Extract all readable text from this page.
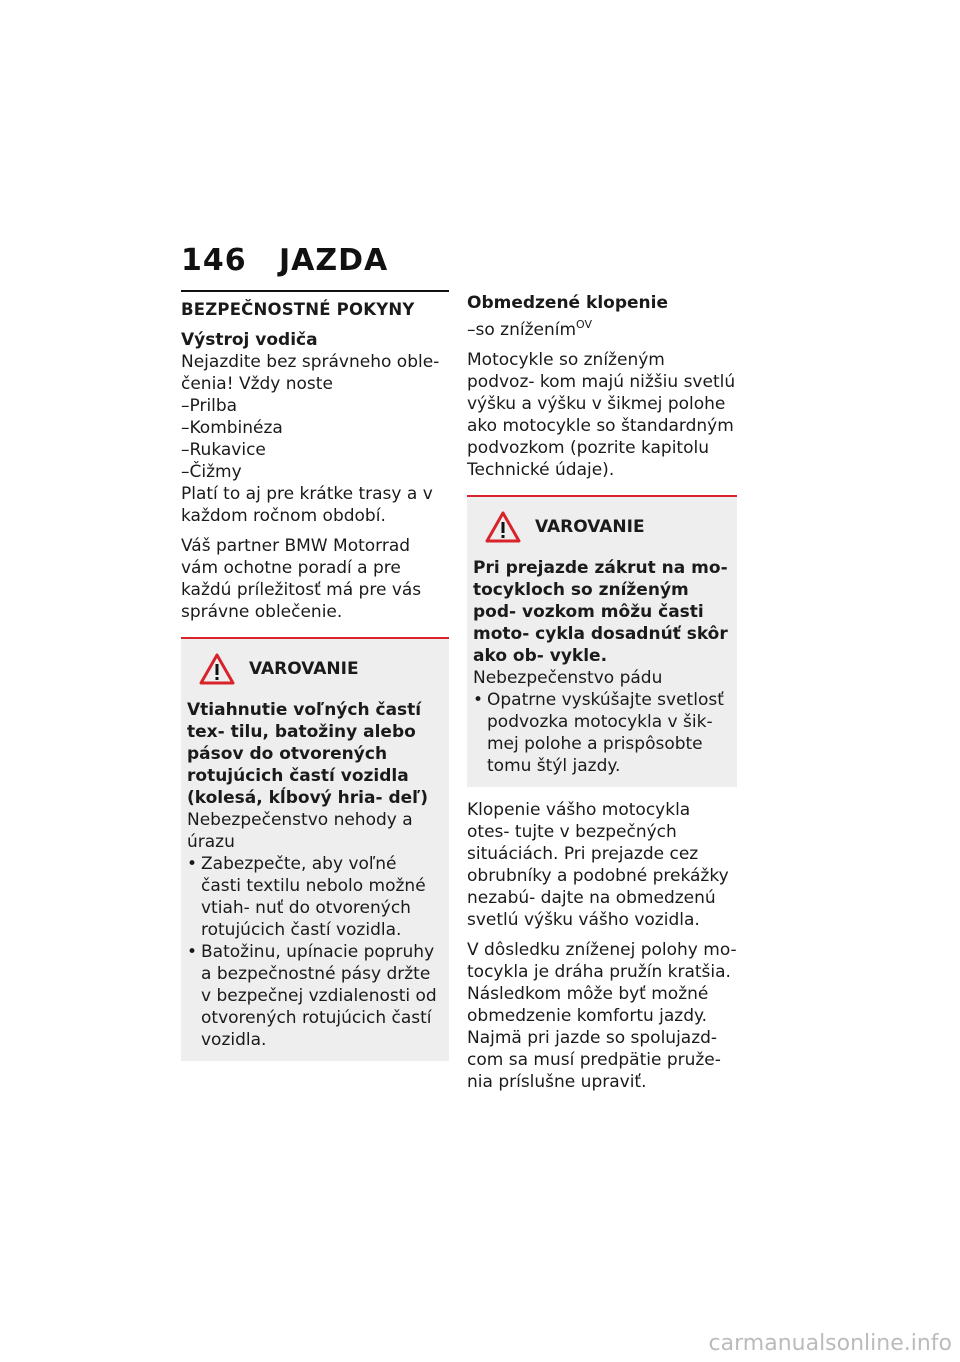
146 JAZDA
BEZPEČNOSTNÉ POKYNY
Výstroj vodiča

Nejazdite bez správneho oble- čenia! Vždy noste

–Prilba
–Kombinéza
–Rukavice
–Čižmy

Platí to aj pre krátke trasy a v každom ročnom období.

Váš partner BMW Motorrad vám ochotne poradí a pre každú príležitosť má pre vás správne oblečenie.

VAROVANIE

Vtiahnutie voľných častí tex- tilu, batožiny alebo pásov do otvorených rotujúcich častí vozidla (kolesá, kĺbový hria- deľ)

Nebezpečenstvo nehody a úrazu

• Zabezpečte, aby voľné časti textilu nebolo možné vtiah- nuť do otvorených rotujúcich častí vozidla.
• Batožinu, upínacie popruhy a bezpečnostné pásy držte v bezpečnej vzdialenosti od otvorených rotujúcich častí vozidla.
Obmedzené klopenie

–so znížením$^{OV}$

Motocykle so zníženým podvoz- kom majú nižšiu svetlú výšku a výšku v šikmej polohe ako motocykle so štandardným podvozkom (pozrite kapitolu Technické údaje).

VAROVANIE

Pri prejazde zákrut na mo- tocykloch so zníženým pod- vozkom môžu časti moto- cykla dosadnúť skôr ako ob- vykle.

Nebezpečenstvo pádu

• Opatrne vyskúšajte svetlosť podvozka motocykla v šik- mej polohe a prispôsobte tomu štýl jazdy.

Klopenie vášho motocykla otes- tujte v bezpečných situáciách. Pri prejazde cez obrubníky a podobné prekážky nezabú- dajte na obmedzenú svetlú výšku vášho vozidla.

V dôsledku zníženej polohy mo- tocykla je dráha pružín kratšia. Následkom môže byť možné obmedzenie komfortu jazdy. Najmä pri jazde so spolujazd- com sa musí predpätie pruže- nia príslušne upraviť.

carmanualsonline.info
